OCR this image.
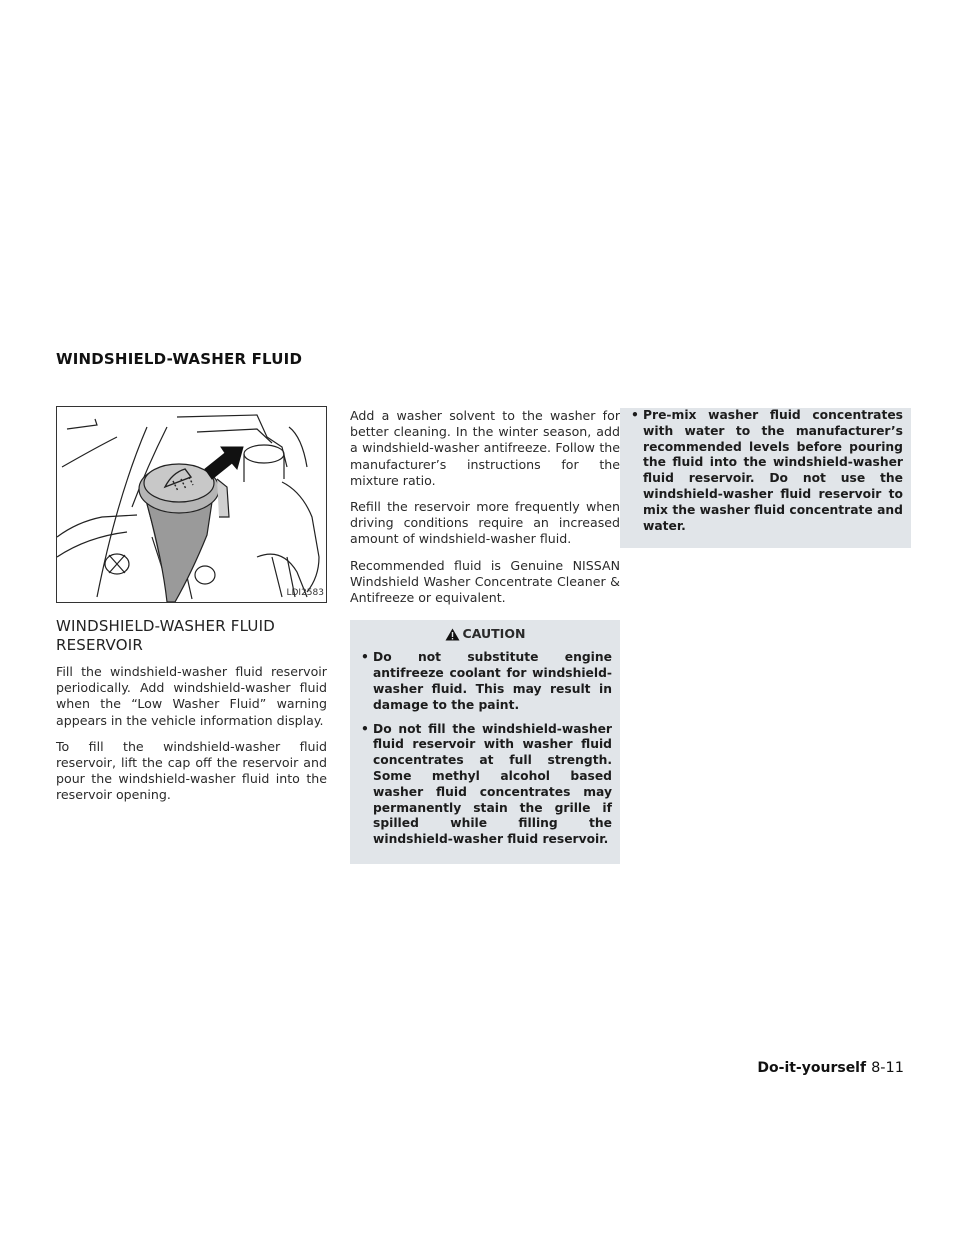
WINDSHIELD-WASHER FLUID
LDI2583
WINDSHIELD-WASHER FLUID RESERVOIR

Fill the windshield-washer fluid reservoir periodically. Add windshield-washer fluid when the “Low Washer Fluid” warning appears in the vehicle information display.

To fill the windshield-washer fluid reservoir, lift the cap off the reservoir and pour the windshield-washer fluid into the reservoir opening.

Add a washer solvent to the washer for better cleaning. In the winter season, add a windshield-washer antifreeze. Follow the manufacturer’s instructions for the mixture ratio.

Refill the reservoir more frequently when driving conditions require an increased amount of windshield-washer fluid.

Recommended fluid is Genuine NISSAN Windshield Washer Concentrate Cleaner & Antifreeze or equivalent.

CAUTION
• Do not substitute engine antifreeze coolant for windshield-washer fluid. This may result in damage to the paint.
• Do not fill the windshield-washer fluid reservoir with washer fluid concentrates at full strength. Some methyl alcohol based washer fluid concentrates may permanently stain the grille if spilled while filling the windshield-washer fluid reservoir.
• Pre-mix washer fluid concentrates with water to the manufacturer’s recommended levels before pouring the fluid into the windshield-washer fluid reservoir. Do not use the windshield-washer fluid reservoir to mix the washer fluid concentrate and water.
Do-it-yourself 8-11
